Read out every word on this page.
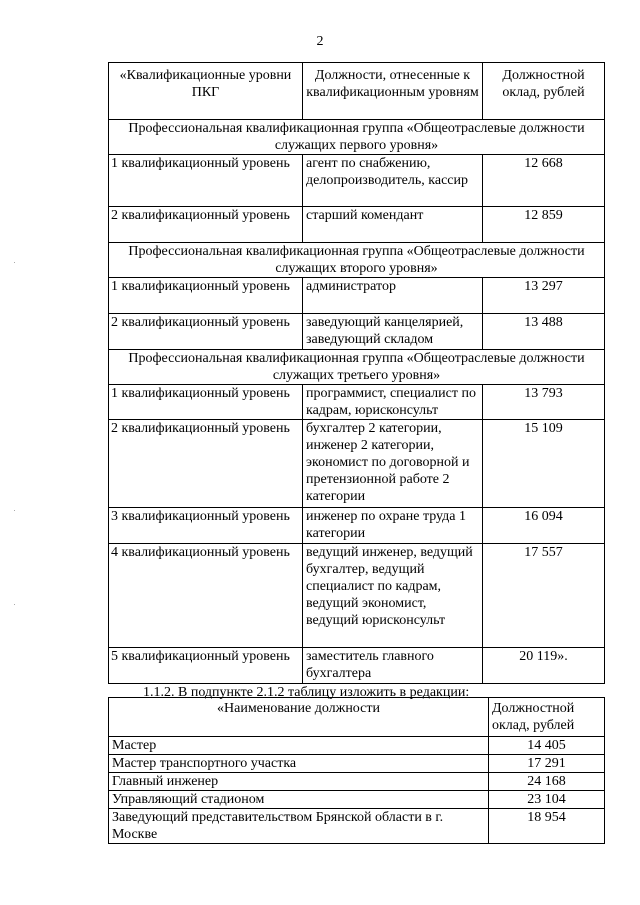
2
«Квалификационные уровни ПКГ	Должности, отнесенные к квалификационным уровням	Должностной оклад, рублей
Профессиональная квалификационная группа «Общеотраслевые должности служащих первого уровня»		
1 квалификационный уровень	агент по снабжению, делопроизводитель, кассир	12 668
2 квалификационный уровень	старший комендант	12 859
Профессиональная квалификационная группа «Общеотраслевые должности служащих второго уровня»		
1 квалификационный уровень	администратор	13 297
2 квалификационный уровень	заведующий канцелярией, заведующий складом	13 488
Профессиональная квалификационная группа «Общеотраслевые должности служащих третьего уровня»		
1 квалификационный уровень	программист, специалист по кадрам, юрисконсульт	13 793
2 квалификационный уровень	бухгалтер 2 категории, инженер 2 категории, экономист по договорной и претензионной работе 2 категории	15 109
3 квалификационный уровень	инженер по охране труда 1 категории	16 094
4 квалификационный уровень	ведущий инженер, ведущий бухгалтер, ведущий специалист по кадрам, ведущий экономист, ведущий юрисконсульт	17 557
5 квалификационный уровень	заместитель главного бухгалтера	20 119».
1.1.2. В подпункте 2.1.2 таблицу изложить в редакции:
«Наименование должности	Должностной оклад, рублей
Мастер	14 405
Мастер транспортного участка	17 291
Главный инженер	24 168
Управляющий стадионом	23 104
Заведующий представительством Брянской области в г. Москве	18 954
